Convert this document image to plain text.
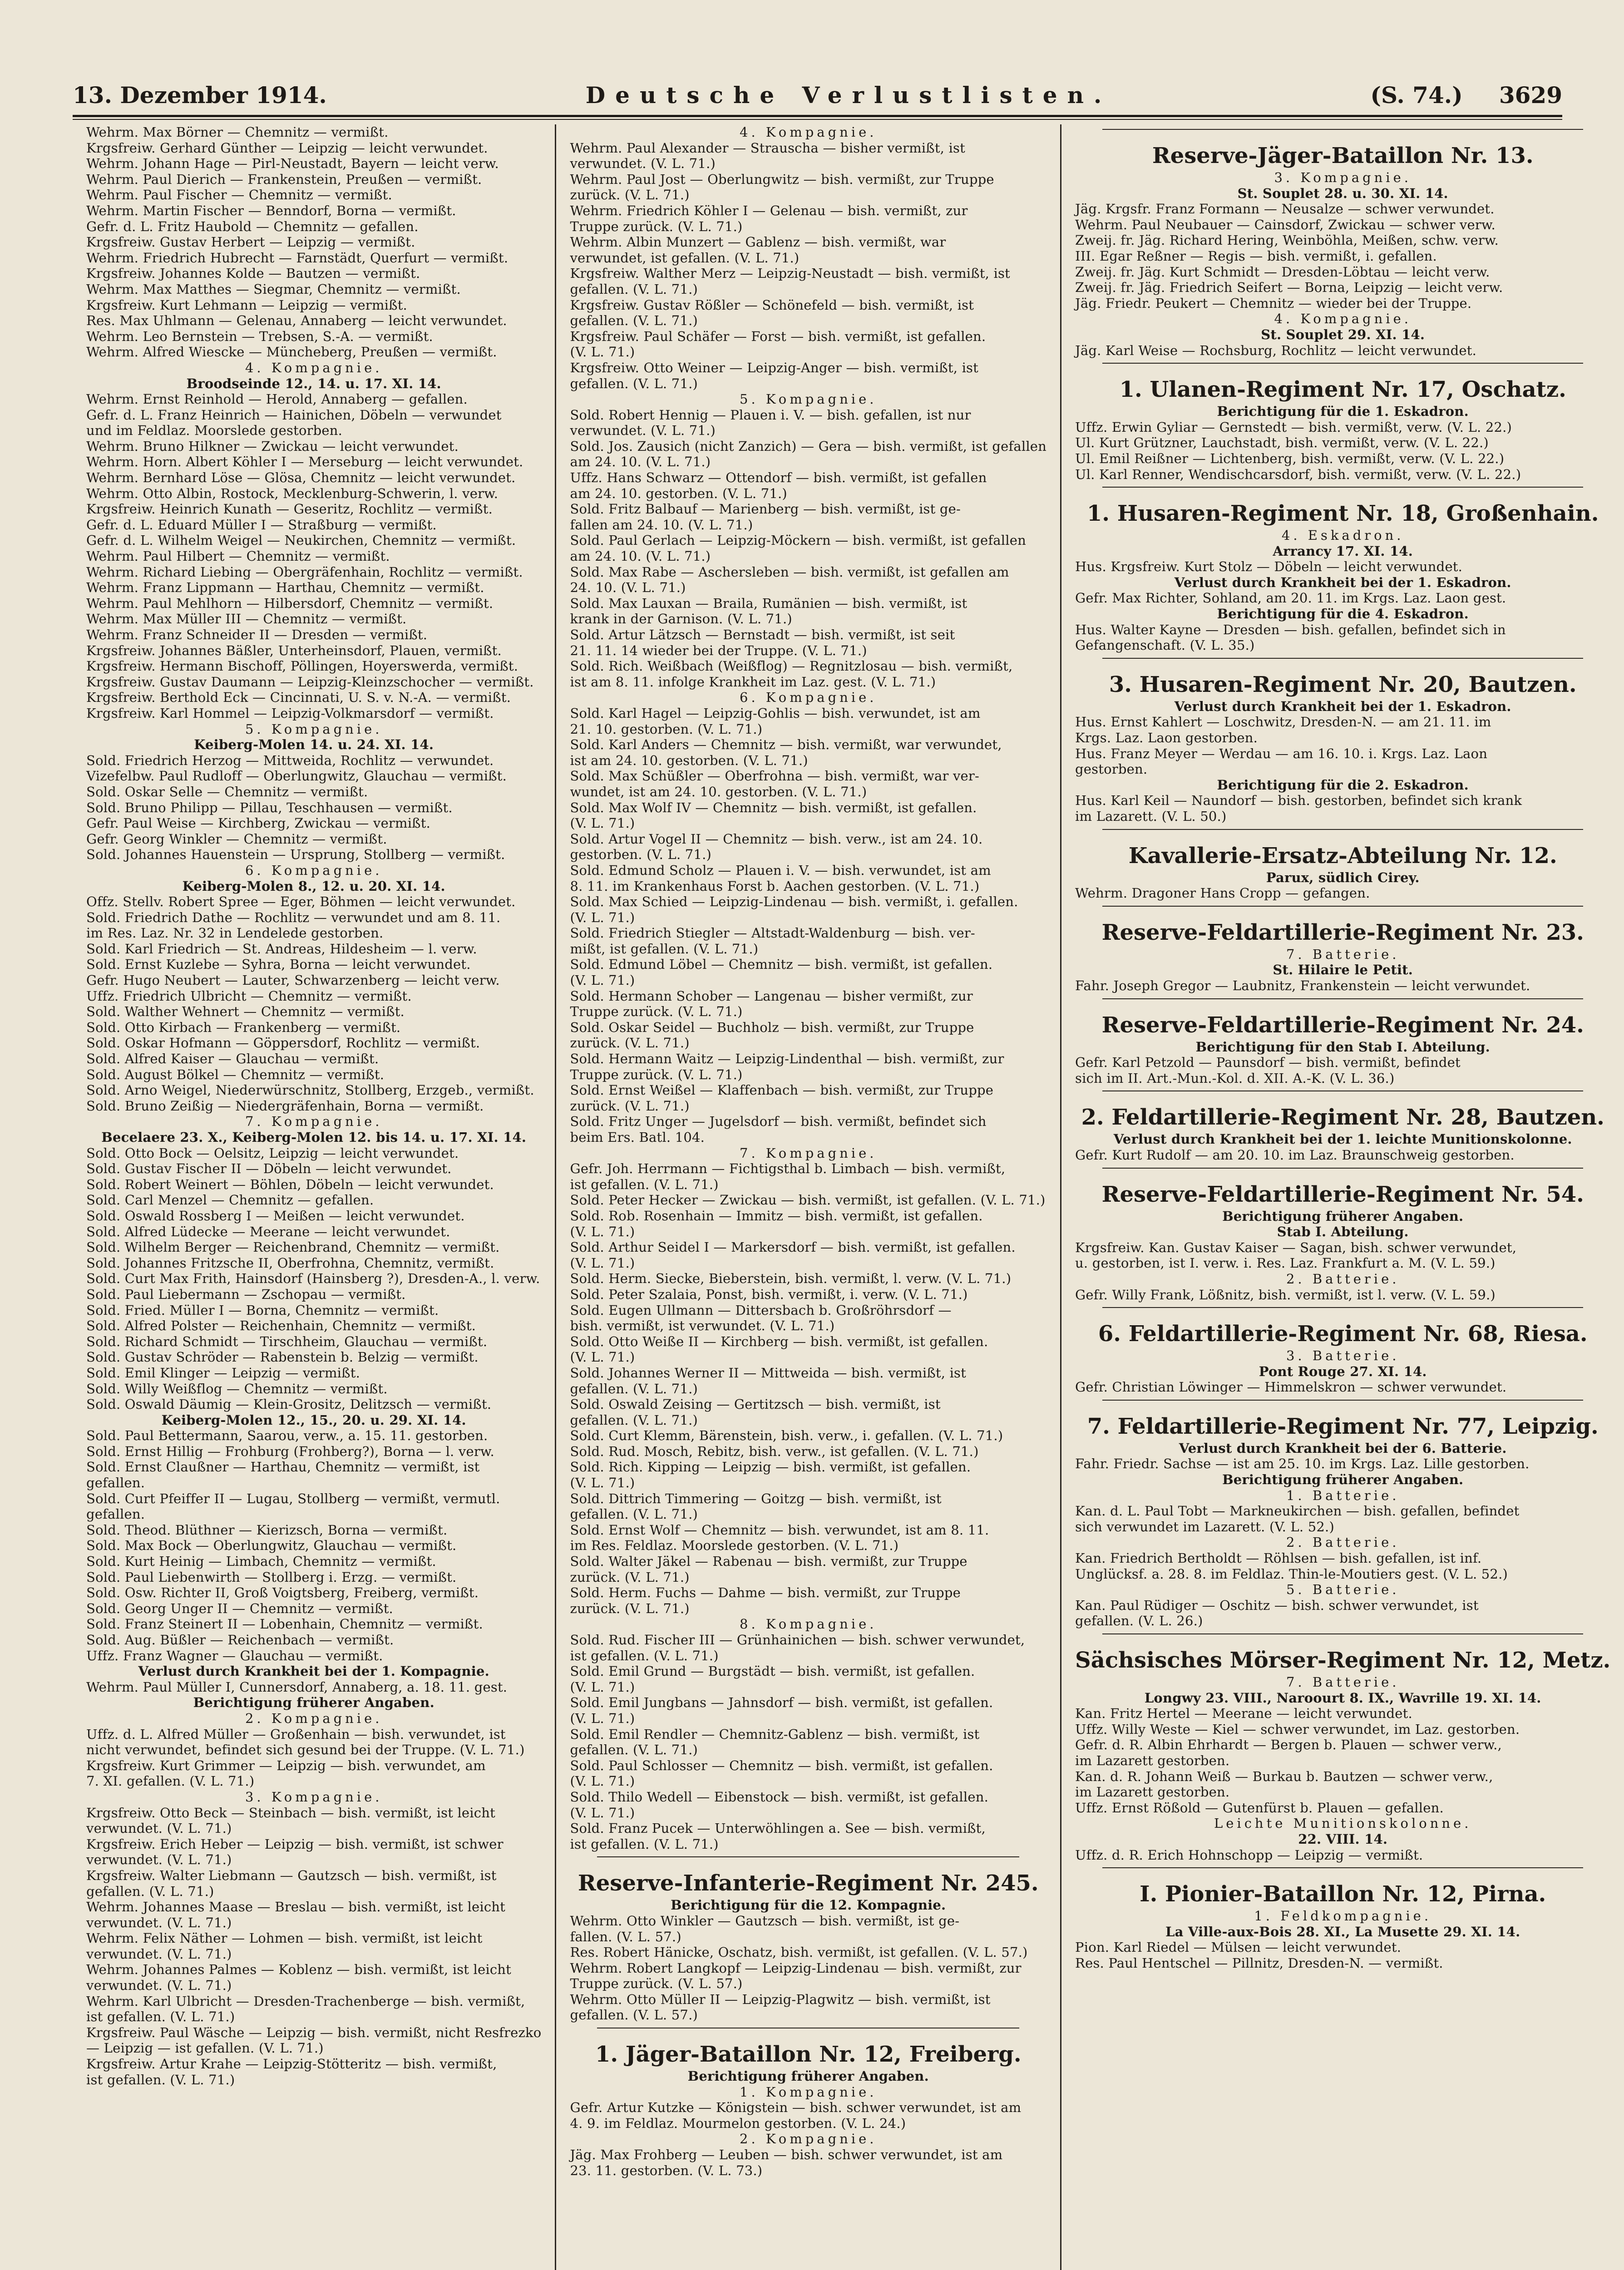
13. Dezember 1914.	Deutsche Verlustlisten.	(S. 74.) 3629
Wehrm. Max Börner — Chemnitz — vermißt.
Krgsfreiw. Gerhard Günther — Leipzig — leicht verwundet.
Wehrm. Johann Hage — Pirl-Neustadt, Bayern — leicht verw.
Wehrm. Paul Dierich — Frankenstein, Preußen — vermißt.
Wehrm. Paul Fischer — Chemnitz — vermißt.
Wehrm. Martin Fischer — Benndorf, Borna — vermißt.
Gefr. d. L. Fritz Haubold — Chemnitz — gefallen.
Krgsfreiw. Gustav Herbert — Leipzig — vermißt.
Wehrm. Friedrich Hubrecht — Farnstädt, Querfurt — vermißt.
Krgsfreiw. Johannes Kolde — Bautzen — vermißt.
Wehrm. Max Matthes — Siegmar, Chemnitz — vermißt.
Krgsfreiw. Kurt Lehmann — Leipzig — vermißt.
Res. Max Uhlmann — Gelenau, Annaberg — leicht verwundet.
Wehrm. Leo Bernstein — Trebsen, S.-A. — vermißt.
Wehrm. Alfred Wiescke — Müncheberg, Preußen — vermißt.
4. Kompagnie.
Broodseinde 12., 14. u. 17. XI. 14.
Wehrm. Ernst Reinhold — Herold, Annaberg — gefallen.
Gefr. d. L. Franz Heinrich — Hainichen, Döbeln — verwundet
und im Feldlaz. Moorslede gestorben.
Wehrm. Bruno Hilkner — Zwickau — leicht verwundet.
Wehrm. Horn. Albert Köhler I — Merseburg — leicht verwundet.
Wehrm. Bernhard Löse — Glösa, Chemnitz — leicht verwundet.
Wehrm. Otto Albin, Rostock, Mecklenburg-Schwerin, l. verw.
Krgsfreiw. Heinrich Kunath — Geseritz, Rochlitz — vermißt.
Gefr. d. L. Eduard Müller I — Straßburg — vermißt.
Gefr. d. L. Wilhelm Weigel — Neukirchen, Chemnitz — vermißt.
Wehrm. Paul Hilbert — Chemnitz — vermißt.
Wehrm. Richard Liebing — Obergräfenhain, Rochlitz — vermißt.
Wehrm. Franz Lippmann — Harthau, Chemnitz — vermißt.
Wehrm. Paul Mehlhorn — Hilbersdorf, Chemnitz — vermißt.
Wehrm. Max Müller III — Chemnitz — vermißt.
Wehrm. Franz Schneider II — Dresden — vermißt.
Krgsfreiw. Johannes Bäßler, Unterheinsdorf, Plauen, vermißt.
Krgsfreiw. Hermann Bischoff, Pöllingen, Hoyerswerda, vermißt.
Krgsfreiw. Gustav Daumann — Leipzig-Kleinzschocher — vermißt.
Krgsfreiw. Berthold Eck — Cincinnati, U. S. v. N.-A. — vermißt.
Krgsfreiw. Karl Hommel — Leipzig-Volkmarsdorf — vermißt.
5. Kompagnie.
Keiberg-Molen 14. u. 24. XI. 14.
Sold. Friedrich Herzog — Mittweida, Rochlitz — verwundet.
Vizefelbw. Paul Rudloff — Oberlungwitz, Glauchau — vermißt.
Sold. Oskar Selle — Chemnitz — vermißt.
Sold. Bruno Philipp — Pillau, Teschhausen — vermißt.
Gefr. Paul Weise — Kirchberg, Zwickau — vermißt.
Gefr. Georg Winkler — Chemnitz — vermißt.
Sold. Johannes Hauenstein — Ursprung, Stollberg — vermißt.
6. Kompagnie.
Keiberg-Molen 8., 12. u. 20. XI. 14.
Offz. Stellv. Robert Spree — Eger, Böhmen — leicht verwundet.
Sold. Friedrich Dathe — Rochlitz — verwundet und am 8. 11.
im Res. Laz. Nr. 32 in Lendelede gestorben.
Sold. Karl Friedrich — St. Andreas, Hildesheim — l. verw.
Sold. Ernst Kuzlebe — Syhra, Borna — leicht verwundet.
Gefr. Hugo Neubert — Lauter, Schwarzenberg — leicht verw.
Uffz. Friedrich Ulbricht — Chemnitz — vermißt.
Sold. Walther Wehnert — Chemnitz — vermißt.
Sold. Otto Kirbach — Frankenberg — vermißt.
Sold. Oskar Hofmann — Göppersdorf, Rochlitz — vermißt.
Sold. Alfred Kaiser — Glauchau — vermißt.
Sold. August Bölkel — Chemnitz — vermißt.
Sold. Arno Weigel, Niederwürschnitz, Stollberg, Erzgeb., vermißt.
Sold. Bruno Zeißig — Niedergräfenhain, Borna — vermißt.
7. Kompagnie.
Becelaere 23. X., Keiberg-Molen 12. bis 14. u. 17. XI. 14.
Sold. Otto Bock — Oelsitz, Leipzig — leicht verwundet.
Sold. Gustav Fischer II — Döbeln — leicht verwundet.
Sold. Robert Weinert — Böhlen, Döbeln — leicht verwundet.
Sold. Carl Menzel — Chemnitz — gefallen.
Sold. Oswald Rossberg I — Meißen — leicht verwundet.
Sold. Alfred Lüdecke — Meerane — leicht verwundet.
Sold. Wilhelm Berger — Reichenbrand, Chemnitz — vermißt.
Sold. Johannes Fritzsche II, Oberfrohna, Chemnitz, vermißt.
Sold. Curt Max Frith, Hainsdorf (Hainsberg ?), Dresden-A., l. verw.
Sold. Paul Liebermann — Zschopau — vermißt.
Sold. Fried. Müller I — Borna, Chemnitz — vermißt.
Sold. Alfred Polster — Reichenhain, Chemnitz — vermißt.
Sold. Richard Schmidt — Tirschheim, Glauchau — vermißt.
Sold. Gustav Schröder — Rabenstein b. Belzig — vermißt.
Sold. Emil Klinger — Leipzig — vermißt.
Sold. Willy Weißflog — Chemnitz — vermißt.
Sold. Oswald Däumig — Klein-Grositz, Delitzsch — vermißt.
Keiberg-Molen 12., 15., 20. u. 29. XI. 14.
Sold. Paul Bettermann, Saarou, verw., a. 15. 11. gestorben.
Sold. Ernst Hillig — Frohburg (Frohberg?), Borna — l. verw.
Sold. Ernst Claußner — Harthau, Chemnitz — vermißt, ist
gefallen.
Sold. Curt Pfeiffer II — Lugau, Stollberg — vermißt, vermutl.
gefallen.
Sold. Theod. Blüthner — Kierizsch, Borna — vermißt.
Sold. Max Bock — Oberlungwitz, Glauchau — vermißt.
Sold. Kurt Heinig — Limbach, Chemnitz — vermißt.
Sold. Paul Liebenwirth — Stollberg i. Erzg. — vermißt.
Sold. Osw. Richter II, Groß Voigtsberg, Freiberg, vermißt.
Sold. Georg Unger II — Chemnitz — vermißt.
Sold. Franz Steinert II — Lobenhain, Chemnitz — vermißt.
Sold. Aug. Büßler — Reichenbach — vermißt.
Uffz. Franz Wagner — Glauchau — vermißt.
Verlust durch Krankheit bei der 1. Kompagnie.
Wehrm. Paul Müller I, Cunnersdorf, Annaberg, a. 18. 11. gest.
Berichtigung früherer Angaben.
2. Kompagnie.
Uffz. d. L. Alfred Müller — Großenhain — bish. verwundet, ist
nicht verwundet, befindet sich gesund bei der Truppe. (V. L. 71.)
Krgsfreiw. Kurt Grimmer — Leipzig — bish. verwundet, am
7. XI. gefallen. (V. L. 71.)
3. Kompagnie.
Krgsfreiw. Otto Beck — Steinbach — bish. vermißt, ist leicht
verwundet. (V. L. 71.)
Krgsfreiw. Erich Heber — Leipzig — bish. vermißt, ist schwer
verwundet. (V. L. 71.)
Krgsfreiw. Walter Liebmann — Gautzsch — bish. vermißt, ist
gefallen. (V. L. 71.)
Wehrm. Johannes Maase — Breslau — bish. vermißt, ist leicht
verwundet. (V. L. 71.)
Wehrm. Felix Näther — Lohmen — bish. vermißt, ist leicht
verwundet. (V. L. 71.)
Wehrm. Johannes Palmes — Koblenz — bish. vermißt, ist leicht
verwundet. (V. L. 71.)
Wehrm. Karl Ulbricht — Dresden-Trachenberge — bish. vermißt,
ist gefallen. (V. L. 71.)
Krgsfreiw. Paul Wäsche — Leipzig — bish. vermißt, nicht Resfrezko
— Leipzig — ist gefallen. (V. L. 71.)
Krgsfreiw. Artur Krahe — Leipzig-Stötteritz — bish. vermißt,
ist gefallen. (V. L. 71.)
4. Kompagnie.
Wehrm. Paul Alexander — Strauscha — bisher vermißt, ist
verwundet. (V. L. 71.)
Wehrm. Paul Jost — Oberlungwitz — bish. vermißt, zur Truppe
zurück. (V. L. 71.)
Wehrm. Friedrich Köhler I — Gelenau — bish. vermißt, zur
Truppe zurück. (V. L. 71.)
Wehrm. Albin Munzert — Gablenz — bish. vermißt, war
verwundet, ist gefallen. (V. L. 71.)
Krgsfreiw. Walther Merz — Leipzig-Neustadt — bish. vermißt, ist
gefallen. (V. L. 71.)
Krgsfreiw. Gustav Rößler — Schönefeld — bish. vermißt, ist
gefallen. (V. L. 71.)
Krgsfreiw. Paul Schäfer — Forst — bish. vermißt, ist gefallen.
(V. L. 71.)
Krgsfreiw. Otto Weiner — Leipzig-Anger — bish. vermißt, ist
gefallen. (V. L. 71.)
5. Kompagnie.
Sold. Robert Hennig — Plauen i. V. — bish. gefallen, ist nur
verwundet. (V. L. 71.)
Sold. Jos. Zausich (nicht Zanzich) — Gera — bish. vermißt, ist gefallen
am 24. 10. (V. L. 71.)
Uffz. Hans Schwarz — Ottendorf — bish. vermißt, ist gefallen
am 24. 10. gestorben. (V. L. 71.)
Sold. Fritz Balbauf — Marienberg — bish. vermißt, ist ge-
fallen am 24. 10. (V. L. 71.)
Sold. Paul Gerlach — Leipzig-Möckern — bish. vermißt, ist gefallen
am 24. 10. (V. L. 71.)
Sold. Max Rabe — Aschersleben — bish. vermißt, ist gefallen am
24. 10. (V. L. 71.)
Sold. Max Lauxan — Braila, Rumänien — bish. vermißt, ist
krank in der Garnison. (V. L. 71.)
Sold. Artur Lätzsch — Bernstadt — bish. vermißt, ist seit
21. 11. 14 wieder bei der Truppe. (V. L. 71.)
Sold. Rich. Weißbach (Weißflog) — Regnitzlosau — bish. vermißt,
ist am 8. 11. infolge Krankheit im Laz. gest. (V. L. 71.)
6. Kompagnie.
Sold. Karl Hagel — Leipzig-Gohlis — bish. verwundet, ist am
21. 10. gestorben. (V. L. 71.)
Sold. Karl Anders — Chemnitz — bish. vermißt, war verwundet,
ist am 24. 10. gestorben. (V. L. 71.)
Sold. Max Schüßler — Oberfrohna — bish. vermißt, war ver-
wundet, ist am 24. 10. gestorben. (V. L. 71.)
Sold. Max Wolf IV — Chemnitz — bish. vermißt, ist gefallen.
(V. L. 71.)
Sold. Artur Vogel II — Chemnitz — bish. verw., ist am 24. 10.
gestorben. (V. L. 71.)
Sold. Edmund Scholz — Plauen i. V. — bish. verwundet, ist am
8. 11. im Krankenhaus Forst b. Aachen gestorben. (V. L. 71.)
Sold. Max Schied — Leipzig-Lindenau — bish. vermißt, i. gefallen.
(V. L. 71.)
Sold. Friedrich Stiegler — Altstadt-Waldenburg — bish. ver-
mißt, ist gefallen. (V. L. 71.)
Sold. Edmund Löbel — Chemnitz — bish. vermißt, ist gefallen.
(V. L. 71.)
Sold. Hermann Schober — Langenau — bisher vermißt, zur
Truppe zurück. (V. L. 71.)
Sold. Oskar Seidel — Buchholz — bish. vermißt, zur Truppe
zurück. (V. L. 71.)
Sold. Hermann Waitz — Leipzig-Lindenthal — bish. vermißt, zur
Truppe zurück. (V. L. 71.)
Sold. Ernst Weißel — Klaffenbach — bish. vermißt, zur Truppe
zurück. (V. L. 71.)
Sold. Fritz Unger — Jugelsdorf — bish. vermißt, befindet sich
beim Ers. Batl. 104.
7. Kompagnie.
Gefr. Joh. Herrmann — Fichtigsthal b. Limbach — bish. vermißt,
ist gefallen. (V. L. 71.)
Sold. Peter Hecker — Zwickau — bish. vermißt, ist gefallen. (V. L. 71.)
Sold. Rob. Rosenhain — Immitz — bish. vermißt, ist gefallen.
(V. L. 71.)
Sold. Arthur Seidel I — Markersdorf — bish. vermißt, ist gefallen.
(V. L. 71.)
Sold. Herm. Siecke, Bieberstein, bish. vermißt, l. verw. (V. L. 71.)
Sold. Peter Szalaia, Ponst, bish. vermißt, i. verw. (V. L. 71.)
Sold. Eugen Ullmann — Dittersbach b. Großröhrsdorf —
bish. vermißt, ist verwundet. (V. L. 71.)
Sold. Otto Weiße II — Kirchberg — bish. vermißt, ist gefallen.
(V. L. 71.)
Sold. Johannes Werner II — Mittweida — bish. vermißt, ist
gefallen. (V. L. 71.)
Sold. Oswald Zeising — Gertitzsch — bish. vermißt, ist
gefallen. (V. L. 71.)
Sold. Curt Klemm, Bärenstein, bish. verw., i. gefallen. (V. L. 71.)
Sold. Rud. Mosch, Rebitz, bish. verw., ist gefallen. (V. L. 71.)
Sold. Rich. Kipping — Leipzig — bish. vermißt, ist gefallen.
(V. L. 71.)
Sold. Dittrich Timmering — Goitzg — bish. vermißt, ist
gefallen. (V. L. 71.)
Sold. Ernst Wolf — Chemnitz — bish. verwundet, ist am 8. 11.
im Res. Feldlaz. Moorslede gestorben. (V. L. 71.)
Sold. Walter Jäkel — Rabenau — bish. vermißt, zur Truppe
zurück. (V. L. 71.)
Sold. Herm. Fuchs — Dahme — bish. vermißt, zur Truppe
zurück. (V. L. 71.)
8. Kompagnie.
Sold. Rud. Fischer III — Grünhainichen — bish. schwer verwundet,
ist gefallen. (V. L. 71.)
Sold. Emil Grund — Burgstädt — bish. vermißt, ist gefallen.
(V. L. 71.)
Sold. Emil Jungbans — Jahnsdorf — bish. vermißt, ist gefallen.
(V. L. 71.)
Sold. Emil Rendler — Chemnitz-Gablenz — bish. vermißt, ist
gefallen. (V. L. 71.)
Sold. Paul Schlosser — Chemnitz — bish. vermißt, ist gefallen.
(V. L. 71.)
Sold. Thilo Wedell — Eibenstock — bish. vermißt, ist gefallen.
(V. L. 71.)
Sold. Franz Pucek — Unterwöhlingen a. See — bish. vermißt,
ist gefallen. (V. L. 71.)
Reserve-Infanterie-Regiment Nr. 245.
Berichtigung für die 12. Kompagnie.
Wehrm. Otto Winkler — Gautzsch — bish. vermißt, ist ge-
fallen. (V. L. 57.)
Res. Robert Hänicke, Oschatz, bish. vermißt, ist gefallen. (V. L. 57.)
Wehrm. Robert Langkopf — Leipzig-Lindenau — bish. vermißt, zur
Truppe zurück. (V. L. 57.)
Wehrm. Otto Müller II — Leipzig-Plagwitz — bish. vermißt, ist
gefallen. (V. L. 57.)
1. Jäger-Bataillon Nr. 12, Freiberg.
Berichtigung früherer Angaben.
1. Kompagnie.
Gefr. Artur Kutzke — Königstein — bish. schwer verwundet, ist am
4. 9. im Feldlaz. Mourmelon gestorben. (V. L. 24.)
2. Kompagnie.
Jäg. Max Frohberg — Leuben — bish. schwer verwundet, ist am
23. 11. gestorben. (V. L. 73.)
Reserve-Jäger-Bataillon Nr. 13.
3. Kompagnie.
St. Souplet 28. u. 30. XI. 14.
Jäg. Krgsfr. Franz Formann — Neusalze — schwer verwundet.
Wehrm. Paul Neubauer — Cainsdorf, Zwickau — schwer verw.
Zweij. fr. Jäg. Richard Hering, Weinböhla, Meißen, schw. verw.
III. Egar Reßner — Regis — bish. vermißt, i. gefallen.
Zweij. fr. Jäg. Kurt Schmidt — Dresden-Löbtau — leicht verw.
Zweij. fr. Jäg. Friedrich Seifert — Borna, Leipzig — leicht verw.
Jäg. Friedr. Peukert — Chemnitz — wieder bei der Truppe.
4. Kompagnie.
St. Souplet 29. XI. 14.
Jäg. Karl Weise — Rochsburg, Rochlitz — leicht verwundet.
1. Ulanen-Regiment Nr. 17, Oschatz.
Berichtigung für die 1. Eskadron.
Uffz. Erwin Gyliar — Gernstedt — bish. vermißt, verw. (V. L. 22.)
Ul. Kurt Grützner, Lauchstadt, bish. vermißt, verw. (V. L. 22.)
Ul. Emil Reißner — Lichtenberg, bish. vermißt, verw. (V. L. 22.)
Ul. Karl Renner, Wendischcarsdorf, bish. vermißt, verw. (V. L. 22.)
1. Husaren-Regiment Nr. 18, Großenhain.
4. Eskadron.
Arrancy 17. XI. 14.
Hus. Krgsfreiw. Kurt Stolz — Döbeln — leicht verwundet.
Verlust durch Krankheit bei der 1. Eskadron.
Gefr. Max Richter, Sohland, am 20. 11. im Krgs. Laz. Laon gest.
Berichtigung für die 4. Eskadron.
Hus. Walter Kayne — Dresden — bish. gefallen, befindet sich in
Gefangenschaft. (V. L. 35.)
3. Husaren-Regiment Nr. 20, Bautzen.
Verlust durch Krankheit bei der 1. Eskadron.
Hus. Ernst Kahlert — Loschwitz, Dresden-N. — am 21. 11. im
Krgs. Laz. Laon gestorben.
Hus. Franz Meyer — Werdau — am 16. 10. i. Krgs. Laz. Laon
gestorben.
Berichtigung für die 2. Eskadron.
Hus. Karl Keil — Naundorf — bish. gestorben, befindet sich krank
im Lazarett. (V. L. 50.)
Kavallerie-Ersatz-Abteilung Nr. 12.
Parux, südlich Cirey.
Wehrm. Dragoner Hans Cropp — gefangen.
Reserve-Feldartillerie-Regiment Nr. 23.
7. Batterie.
St. Hilaire le Petit.
Fahr. Joseph Gregor — Laubnitz, Frankenstein — leicht verwundet.
Reserve-Feldartillerie-Regiment Nr. 24.
Berichtigung für den Stab I. Abteilung.
Gefr. Karl Petzold — Paunsdorf — bish. vermißt, befindet
sich im II. Art.-Mun.-Kol. d. XII. A.-K. (V. L. 36.)
2. Feldartillerie-Regiment Nr. 28, Bautzen.
Verlust durch Krankheit bei der 1. leichte Munitionskolonne.
Gefr. Kurt Rudolf — am 20. 10. im Laz. Braunschweig gestorben.
Reserve-Feldartillerie-Regiment Nr. 54.
Berichtigung früherer Angaben.
Stab I. Abteilung.
Krgsfreiw. Kan. Gustav Kaiser — Sagan, bish. schwer verwundet,
u. gestorben, ist I. verw. i. Res. Laz. Frankfurt a. M. (V. L. 59.)
2. Batterie.
Gefr. Willy Frank, Lößnitz, bish. vermißt, ist l. verw. (V. L. 59.)
6. Feldartillerie-Regiment Nr. 68, Riesa.
3. Batterie.
Pont Rouge 27. XI. 14.
Gefr. Christian Löwinger — Himmelskron — schwer verwundet.
7. Feldartillerie-Regiment Nr. 77, Leipzig.
Verlust durch Krankheit bei der 6. Batterie.
Fahr. Friedr. Sachse — ist am 25. 10. im Krgs. Laz. Lille gestorben.
Berichtigung früherer Angaben.
1. Batterie.
Kan. d. L. Paul Tobt — Markneukirchen — bish. gefallen, befindet
sich verwundet im Lazarett. (V. L. 52.)
2. Batterie.
Kan. Friedrich Bertholdt — Röhlsen — bish. gefallen, ist inf.
Unglücksf. a. 28. 8. im Feldlaz. Thin-le-Moutiers gest. (V. L. 52.)
5. Batterie.
Kan. Paul Rüdiger — Oschitz — bish. schwer verwundet, ist
gefallen. (V. L. 26.)
Sächsisches Mörser-Regiment Nr. 12, Metz.
7. Batterie.
Longwy 23. VIII., Naroourt 8. IX., Wavrille 19. XI. 14.
Kan. Fritz Hertel — Meerane — leicht verwundet.
Uffz. Willy Weste — Kiel — schwer verwundet, im Laz. gestorben.
Gefr. d. R. Albin Ehrhardt — Bergen b. Plauen — schwer verw.,
im Lazarett gestorben.
Kan. d. R. Johann Weiß — Burkau b. Bautzen — schwer verw.,
im Lazarett gestorben.
Uffz. Ernst Rößold — Gutenfürst b. Plauen — gefallen.
Leichte Munitionskolonne.
22. VIII. 14.
Uffz. d. R. Erich Hohnschopp — Leipzig — vermißt.
I. Pionier-Bataillon Nr. 12, Pirna.
1. Feldkompagnie.
La Ville-aux-Bois 28. XI., La Musette 29. XI. 14.
Pion. Karl Riedel — Mülsen — leicht verwundet.
Res. Paul Hentschel — Pillnitz, Dresden-N. — vermißt.
